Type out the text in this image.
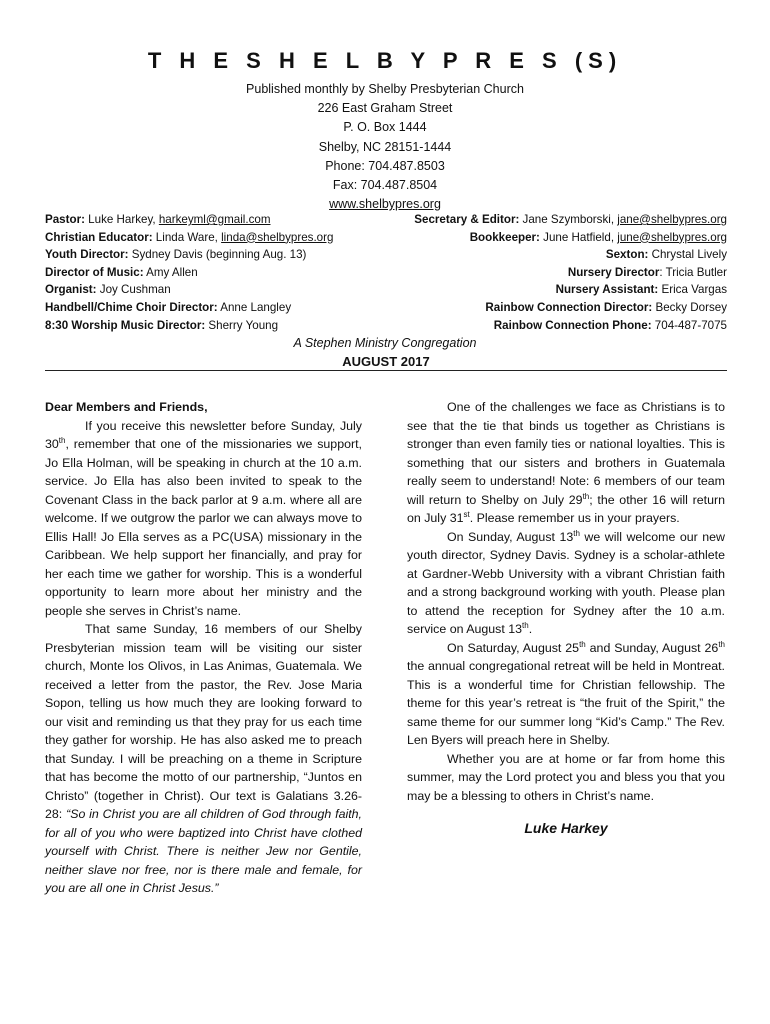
T H E S H E L B Y P R E S (S)
Published monthly by Shelby Presbyterian Church
226 East Graham Street
P. O. Box 1444
Shelby, NC 28151-1444
Phone: 704.487.8503
Fax: 704.487.8504
www.shelbypres.org
Pastor: Luke Harkey, harkeyml@gmail.com	Secretary & Editor: Jane Szymborski, jane@shelbypres.org
Christian Educator: Linda Ware, linda@shelbypres.org	Bookkeeper: June Hatfield, june@shelbypres.org
Youth Director: Sydney Davis (beginning Aug. 13)	Sexton: Chrystal Lively
Director of Music: Amy Allen	Nursery Director: Tricia Butler
Organist: Joy Cushman	Nursery Assistant: Erica Vargas
Handbell/Chime Choir Director: Anne Langley	Rainbow Connection Director: Becky Dorsey
8:30 Worship Music Director: Sherry Young	Rainbow Connection Phone: 704-487-7075
A Stephen Ministry Congregation
AUGUST 2017
Dear Members and Friends,

If you receive this newsletter before Sunday, July 30th, remember that one of the missionaries we support, Jo Ella Holman, will be speaking in church at the 10 a.m. service. Jo Ella has also been invited to speak to the Covenant Class in the back parlor at 9 a.m. where all are welcome. If we outgrow the parlor we can always move to Ellis Hall! Jo Ella serves as a PC(USA) missionary in the Caribbean. We help support her financially, and pray for her each time we gather for worship. This is a wonderful opportunity to learn more about her ministry and the people she serves in Christ’s name.

That same Sunday, 16 members of our Shelby Presbyterian mission team will be visiting our sister church, Monte los Olivos, in Las Animas, Guatemala. We received a letter from the pastor, the Rev. Jose Maria Sopon, telling us how much they are looking forward to our visit and reminding us that they pray for us each time they gather for worship. He has also asked me to preach that Sunday. I will be preaching on a theme in Scripture that has become the motto of our partnership, “Juntos en Christo” (together in Christ). Our text is Galatians 3.26-28: “So in Christ you are all children of God through faith, for all of you who were baptized into Christ have clothed yourself with Christ. There is neither Jew nor Gentile, neither slave nor free, nor is there male and female, for you are all one in Christ Jesus.”

One of the challenges we face as Christians is to see that the tie that binds us together as Christians is stronger than even family ties or national loyalties. This is something that our sisters and brothers in Guatemala really seem to understand! Note: 6 members of our team will return to Shelby on July 29th; the other 16 will return on July 31st. Please remember us in your prayers.

On Sunday, August 13th we will welcome our new youth director, Sydney Davis. Sydney is a scholar-athlete at Gardner-Webb University with a vibrant Christian faith and a strong background working with youth. Please plan to attend the reception for Sydney after the 10 a.m. service on August 13th.

On Saturday, August 25th and Sunday, August 26th the annual congregational retreat will be held in Montreat. This is a wonderful time for Christian fellowship. The theme for this year’s retreat is “the fruit of the Spirit,” the same theme for our summer long “Kid’s Camp.” The Rev. Len Byers will preach here in Shelby.

Whether you are at home or far from home this summer, may the Lord protect you and bless you that you may be a blessing to others in Christ’s name.

Luke Harkey
